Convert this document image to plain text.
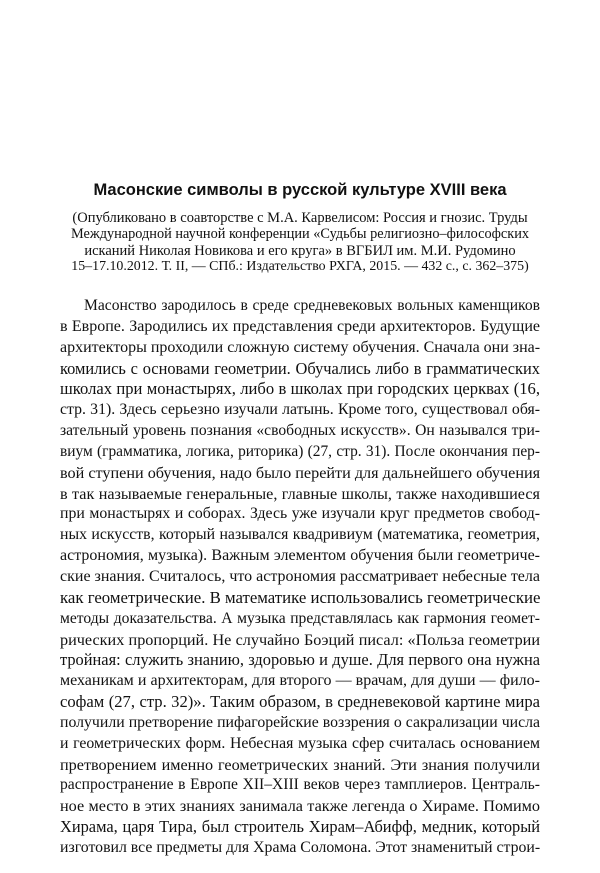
Масонские символы в русской культуре XVIII века
(Опубликовано в соавторстве с М.А. Карвелисом: Россия и гнозис. Труды
Международной научной конференции «Судьбы религиозно–философских
исканий Николая Новикова и его круга» в ВГБИЛ им. М.И. Рудомино
15–17.10.2012. Т. II, — СПб.: Издательство РХГА, 2015. — 432 с., с. 362–375)
Масонство зародилось в среде средневековых вольных каменщиков
в Европе. Зародились их представления среди архитекторов. Будущие
архитекторы проходили сложную систему обучения. Сначала они зна-
комились с основами геометрии. Обучались либо в грамматических
школах при монастырях, либо в школах при городских церквах (16,
стр. 31). Здесь серьезно изучали латынь. Кроме того, существовал обя-
зательный уровень познания «свободных искусств». Он назывался три-
виум (грамматика, логика, риторика) (27, стр. 31). После окончания пер-
вой ступени обучения, надо было перейти для дальнейшего обучения
в так называемые генеральные, главные школы, также находившиеся
при монастырях и соборах. Здесь уже изучали круг предметов свобод-
ных искусств, который назывался квадривиум (математика, геометрия,
астрономия, музыка). Важным элементом обучения были геометриче-
ские знания. Считалось, что астрономия рассматривает небесные тела
как геометрические. В математике использовались геометрические
методы доказательства. А музыка представлялась как гармония геомет-
рических пропорций. Не случайно Боэций писал: «Польза геометрии
тройная: служить знанию, здоровью и душе. Для первого она нужна
механикам и архитекторам, для второго — врачам, для души — фило-
софам (27, стр. 32)». Таким образом, в средневековой картине мира
получили претворение пифагорейские воззрения о сакрализации числа
и геометрических форм. Небесная музыка сфер считалась основанием
претворением именно геометрических знаний. Эти знания получили
распространение в Европе XII–XIII веков через тамплиеров. Централь-
ное место в этих знаниях занимала также легенда о Хираме. Помимо
Хирама, царя Тира, был строитель Хирам–Абифф, медник, который
изготовил все предметы для Храма Соломона. Этот знаменитый строи-
